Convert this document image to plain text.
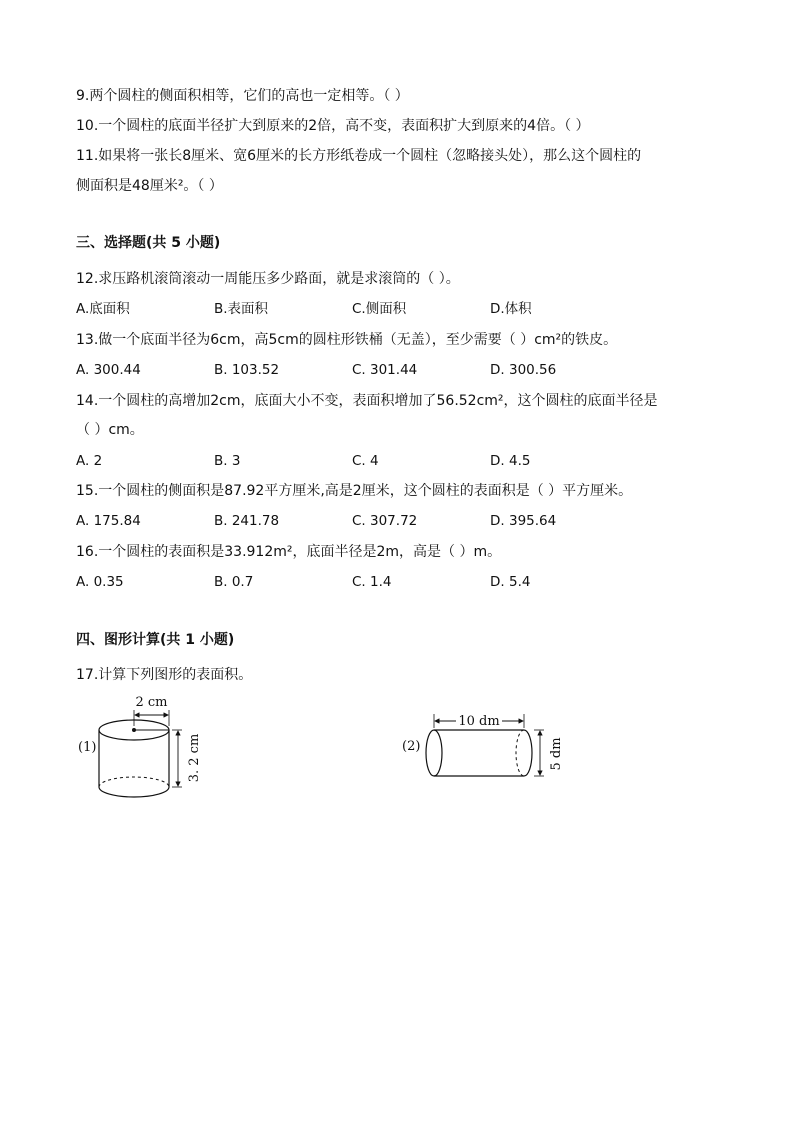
9.两个圆柱的侧面积相等，它们的高也一定相等。（ ）
10.一个圆柱的底面半径扩大到原来的2倍，高不变，表面积扩大到原来的4倍。（ ）
11.如果将一张长8厘米、宽6厘米的长方形纸卷成一个圆柱（忽略接头处），那么这个圆柱的
侧面积是48厘米²。（ ）
三、选择题(共 5 小题)
12.求压路机滚筒滚动一周能压多少路面，就是求滚筒的（ ）。
A.底面积	B.表面积	C.侧面积	D.体积
13.做一个底面半径为6cm，高5cm的圆柱形铁桶（无盖），至少需要（ ）cm²的铁皮。
A. 300.44	B. 103.52	C. 301.44	D. 300.56
14.一个圆柱的高增加2cm，底面大小不变，表面积增加了56.52cm²，这个圆柱的底面半径是
（ ）cm。
A. 2	B. 3	C. 4	D. 4.5
15.一个圆柱的侧面积是87.92平方厘米,高是2厘米，这个圆柱的表面积是（ ）平方厘米。
A. 175.84	B. 241.78	C. 307.72	D. 395.64
16.一个圆柱的表面积是33.912m²，底面半径是2m，高是（ ）m。
A. 0.35	B. 0.7	C. 1.4	D. 5.4
四、图形计算(共 1 小题)
17.计算下列图形的表面积。
(1)
2 cm
3. 2 cm	(2)
10 dm
5 dm
